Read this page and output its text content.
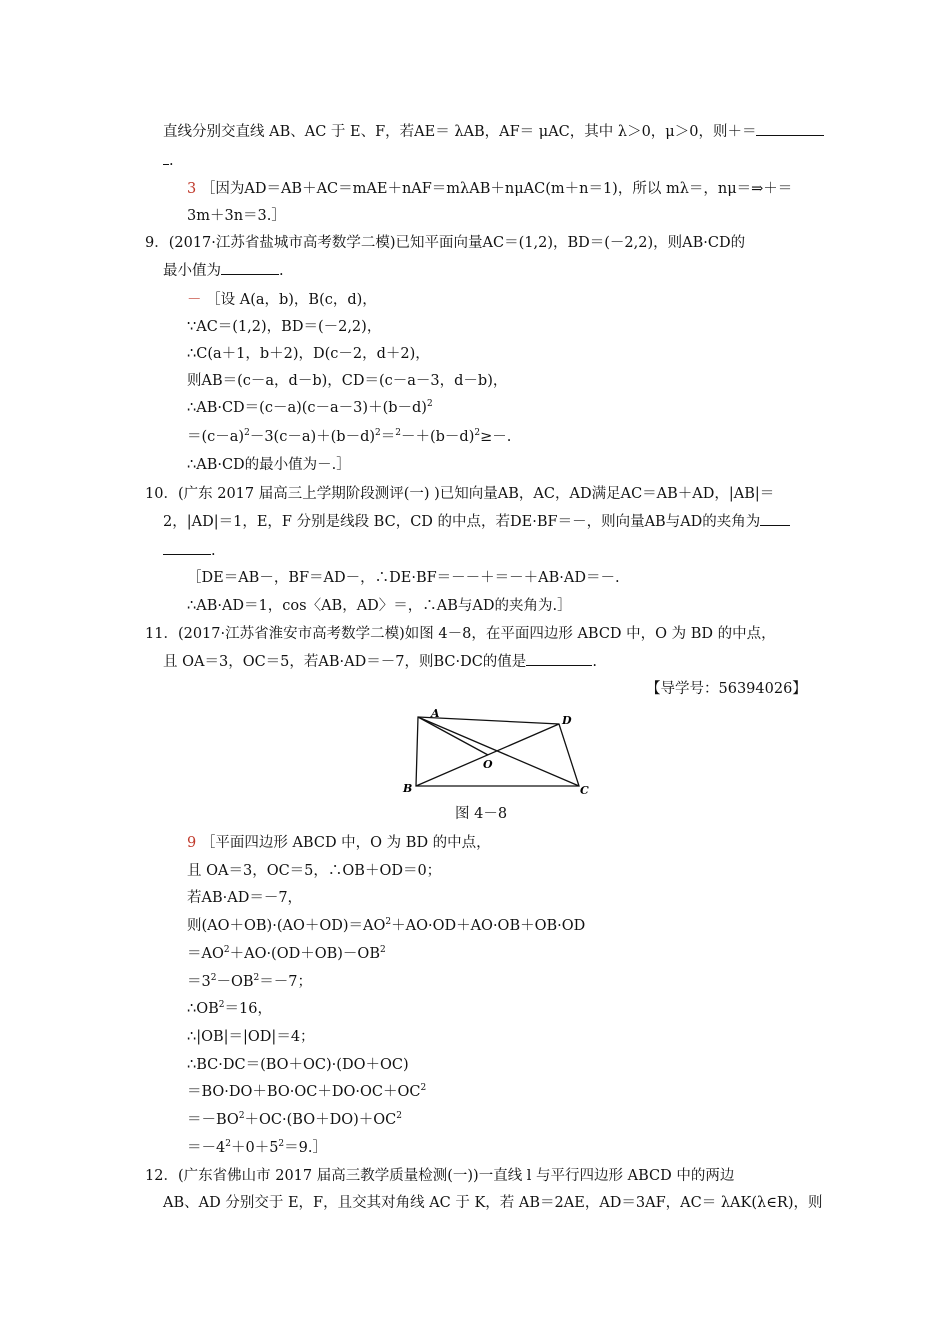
直线分别交直线 AB、AC 于 E、F，若AE＝ λAB，AF＝ μAC，其中 λ＞0，μ＞0，则＋＝
.
3 ［因为AD＝AB＋AC＝mAE＋nAF＝mλAB＋nμAC(m＋n＝1)，所以 mλ＝，nμ＝⇒＋＝
3m＋3n＝3.］
9．(2017·江苏省盐城市高考数学二模)已知平面向量AC＝(1,2)，BD＝(－2,2)，则AB·CD的
最小值为	.
－ ［设 A(a，b)，B(c，d)，
∵AC＝(1,2)，BD＝(－2,2)，
∴C(a＋1，b＋2)，D(c－2，d＋2)，
则AB＝(c－a，d－b)，CD＝(c－a－3，d－b)，
$\therefore AB\cdot CD=(c-a)(c-a-3)+(b-d)^2$
$=(c-a)^2-3(c-a)+(b-d)^2=^2-+(b-d)^2\ge-$.
∴AB·CD的最小值为－.］
10．(广东 2017 届高三上学期阶段测评(一) )已知向量AB，AC，AD满足AC＝AB＋AD，|AB|＝
2，|AD|＝1，E，F 分别是线段 BC，CD 的中点，若DE·BF＝－，则向量AB与AD的夹角为
.
［DE＝AB－，BF＝AD－，∴DE·BF＝－－＋＝－＋AB·AD＝－.
∴AB·AD＝1，cos〈AB，AD〉＝，∴AB与AD的夹角为.］
11．(2017·江苏省淮安市高考数学二模)如图 4－8，在平面四边形 ABCD 中，O 为 BD 的中点，
且 OA＝3，OC＝5，若AB·AD＝－7，则BC·DC的值是	.
【导学号：56394026】
图 4－8
9 ［平面四边形 ABCD 中，O 为 BD 的中点，
且 OA＝3，OC＝5，∴OB＋OD＝0；
若AB·AD＝－7，
则$(AO+OB)\cdot(AO+OD)=AO^2+AO\cdot OD+AO\cdot OB+OB\cdot OD$
$=AO^2+AO\cdot(OD+OB)-OB^2$
$=3^2-OB^2=-7$；
$\therefore OB^2=16$，
∴|OB|＝|OD|＝4；
∴BC·DC＝(BO＋OC)·(DO＋OC)
$=BO\cdot DO+BO\cdot OC+DO\cdot OC+OC^2$
$=-BO^2+OC\cdot(BO+DO)+OC^2$
$=-4^2+0+5^2=9.]$
12．(广东省佛山市 2017 届高三教学质量检测(一))一直线 l 与平行四边形 ABCD 中的两边
AB、AD 分别交于 E，F，且交其对角线 AC 于 K，若 AB＝2AE，AD＝3AF，AC＝ λAK(λ∈R)，则
A
D
O
B	C
